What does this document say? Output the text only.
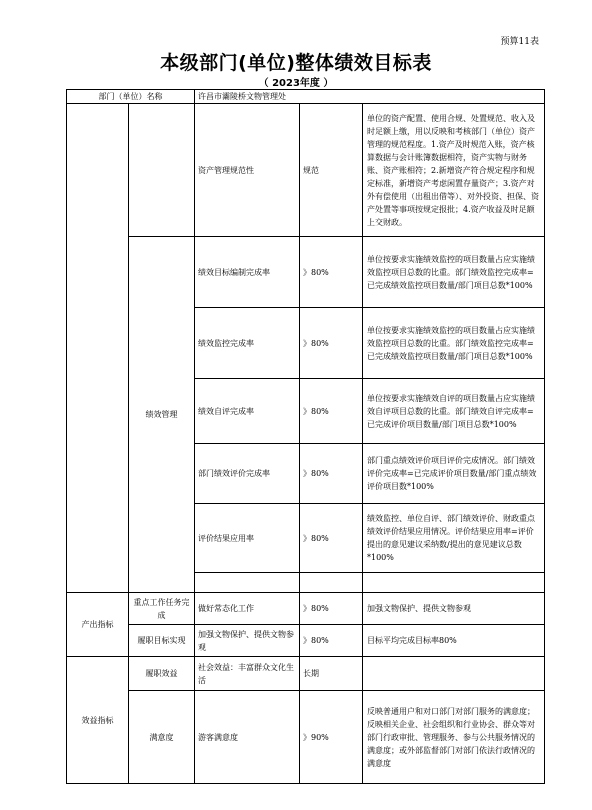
预算11表
本级部门(单位)整体绩效目标表
（ 2023年度 ）
部门（单位）名称		许昌市灞陵桥文物管理处		
		资产管理规范性	规范	单位的资产配置、使用合规、处置规范、收入及时足额上缴，用以反映和考核部门（单位）资产管理的规范程度。1.资产及时规范入账，资产核算数据与会计账簿数据相符，资产实物与财务账、资产账相符；2.新增资产符合规定程序和规定标准，新增资产考虑闲置存量资产；3.资产对外有偿使用（出租出借等）、对外投资、担保、资产处置等事项按规定报批；4.资产收益及时足额上交财政。
	绩效管理	绩效目标编制完成率	》80%	单位按要求实施绩效监控的项目数量占应实施绩效监控项目总数的比重。部门绩效监控完成率=已完成绩效监控项目数量/部门项目总数*100%
		绩效监控完成率	》80%	单位按要求实施绩效监控的项目数量占应实施绩效监控项目总数的比重。部门绩效监控完成率=已完成绩效监控项目数量/部门项目总数*100%
		绩效自评完成率	》80%	单位按要求实施绩效自评的项目数量占应实施绩效自评项目总数的比重。部门绩效自评完成率=已完成评价项目数量/部门项目总数*100%
		部门绩效评价完成率	》80%	部门重点绩效评价项目评价完成情况。部门绩效评价完成率=已完成评价项目数量/部门重点绩效评价项目数*100%
		评价结果应用率	》80%	绩效监控、单位自评、部门绩效评价、财政重点绩效评价结果应用情况。评价结果应用率=评价提出的意见建议采纳数/提出的意见建议总数*100%

产出指标	重点工作任务完成	做好常态化工作	》80%	加强文物保护、提供文物参观
	履职目标实现	加强文物保护、提供文物参观	》80%	目标平均完成目标率80%
效益指标	履职效益	社会效益：丰富群众文化生活	长期	
	满意度	游客满意度	》90%	反映普通用户和对口部门对部门服务的满意度；反映相关企业、社会组织和行业协会、群众等对部门行政审批、管理服务、参与公共服务情况的满意度；或外部监督部门对部门依法行政情况的满意度
